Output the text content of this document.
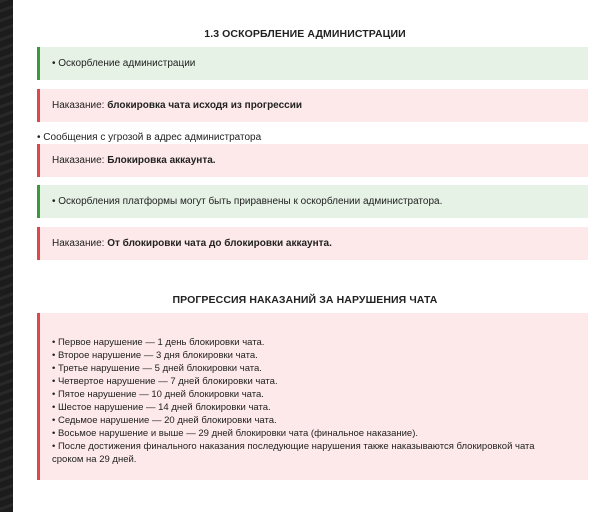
1.3 ОСКОРБЛЕНИЕ АДМИНИСТРАЦИИ
• Оскорбление администрации
Наказание:
блокировка чата исходя из прогрессии
• Сообщения с угрозой в адрес администратора
Наказание:
Блокировка аккаунта.
• Оскорбления платформы могут быть приравнены к оскорблении администратора.
Наказание:
От блокировки чата до блокировки аккаунта.
ПРОГРЕССИЯ НАКАЗАНИЙ ЗА НАРУШЕНИЯ ЧАТА
• Первое нарушение — 1 день блокировки чата.
• Второе нарушение — 3 дня блокировки чата.
• Третье нарушение — 5 дней блокировки чата.
• Четвертое нарушение — 7 дней блокировки чата.
• Пятое нарушение — 10 дней блокировки чата.
• Шестое нарушение — 14 дней блокировки чата.
• Седьмое нарушение — 20 дней блокировки чата.
• Восьмое нарушение и выше — 29 дней блокировки чата (финальное наказание).
• После достижения финального наказания последующие нарушения также наказываются блокировкой чата
сроком на 29 дней.
